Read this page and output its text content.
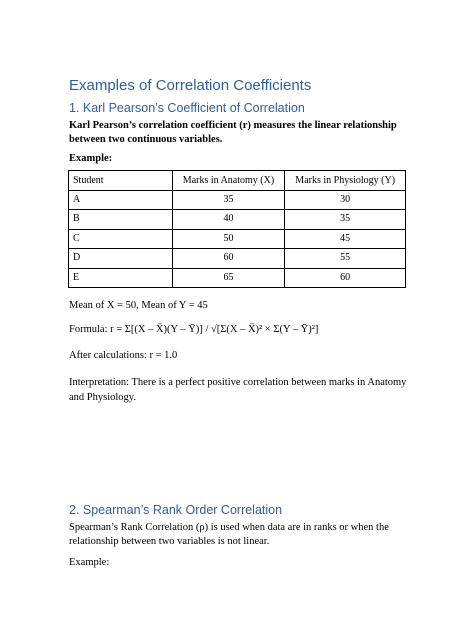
Examples of Correlation Coefficients
1. Karl Pearson’s Coefficient of Correlation
Karl Pearson’s correlation coefficient (r) measures the linear relationship
between two continuous variables.
Example:
Student	Marks in Anatomy (X)	Marks in Physiology (Y)
A	35	30
B	40	35
C	50	45
D	60	55
E	65	60
Mean of X = 50, Mean of Y = 45
Formula: r = Σ[(X – X̄)(Y – Ȳ)] / √[Σ(X – X̄)² × Σ(Y – Ȳ)²]
After calculations: r = 1.0
Interpretation: There is a perfect positive correlation between marks in Anatomy
and Physiology.
2. Spearman’s Rank Order Correlation
Spearman’s Rank Correlation (ρ) is used when data are in ranks or when the
relationship between two variables is not linear.
Example:
